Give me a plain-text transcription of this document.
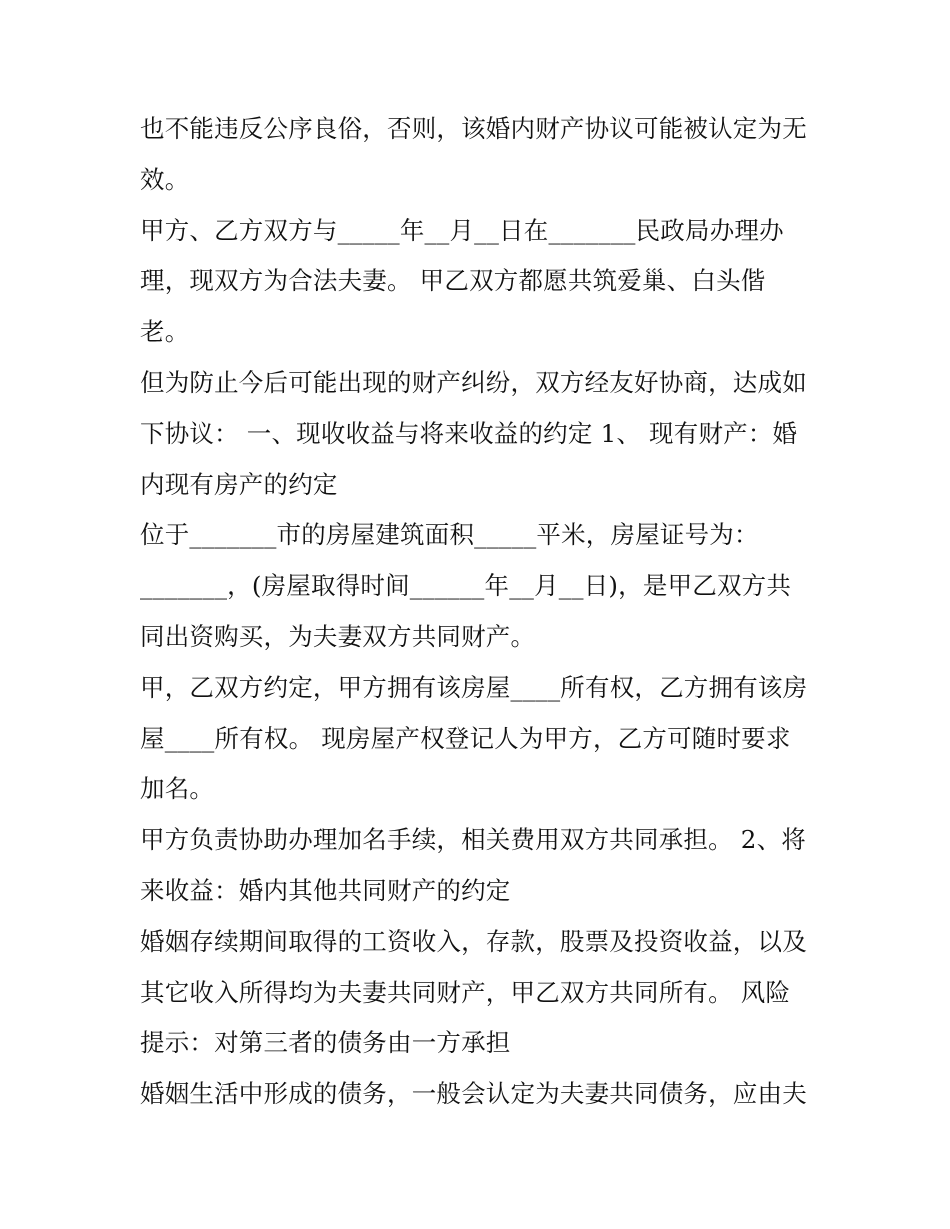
也不能违反公序良俗，否则，该婚内财产协议可能被认定为无
效。

甲方、乙方双方与_____年__月__日在_______民政局办理办
理，现双方为合法夫妻。 甲乙双方都愿共筑爱巢、白头偕
老。

但为防止今后可能出现的财产纠纷，双方经友好协商，达成如
下协议： 一、现收收益与将来收益的约定 1、 现有财产：婚
内现有房产的约定

位于_______市的房屋建筑面积_____平米，房屋证号为：
_______，(房屋取得时间______年__月__日)，是甲乙双方共
同出资购买，为夫妻双方共同财产。

甲，乙双方约定，甲方拥有该房屋____所有权，乙方拥有该房
屋____所有权。 现房屋产权登记人为甲方，乙方可随时要求
加名。

甲方负责协助办理加名手续，相关费用双方共同承担。 2、将
来收益：婚内其他共同财产的约定

婚姻存续期间取得的工资收入，存款，股票及投资收益，以及
其它收入所得均为夫妻共同财产，甲乙双方共同所有。 风险
提示：对第三者的债务由一方承担

婚姻生活中形成的债务，一般会认定为夫妻共同债务，应由夫
